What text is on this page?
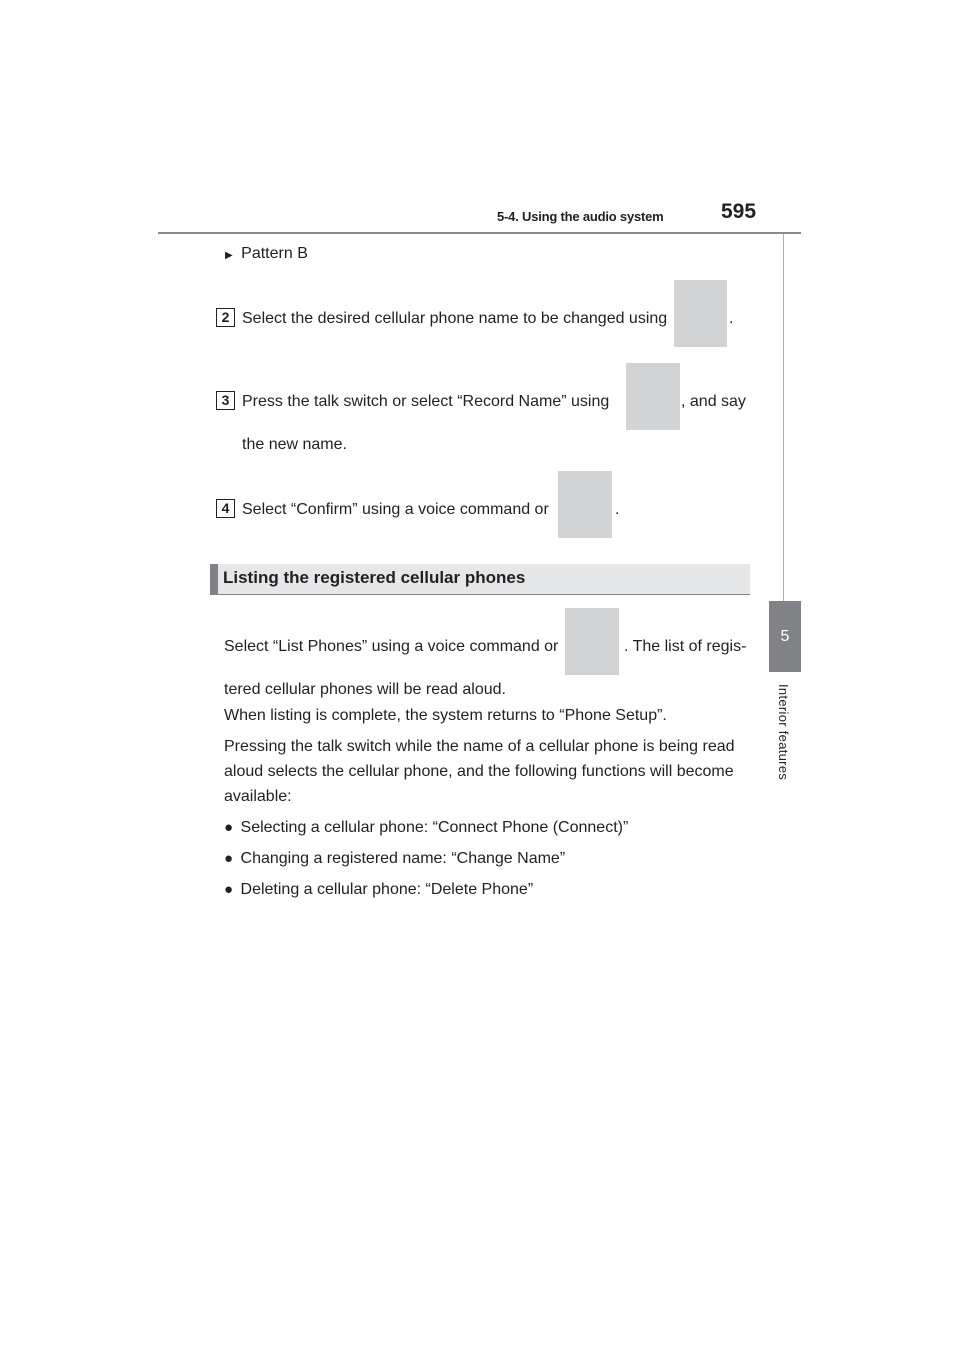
5-4. Using the audio system	595
5
Interior features
▶ Pattern B
2 Select the desired cellular phone name to be changed using	.
3 Press the talk switch or select “Record Name” using	, and say
the new name.
4 Select “Confirm” using a voice command or	.
Listing the registered cellular phones
Select “List Phones” using a voice command or	. The list of regis-
tered cellular phones will be read aloud.
When listing is complete, the system returns to “Phone Setup”.
Pressing the talk switch while the name of a cellular phone is being read
aloud selects the cellular phone, and the following functions will become
available:
● Selecting a cellular phone: “Connect Phone (Connect)”
● Changing a registered name: “Change Name”
● Deleting a cellular phone: “Delete Phone”
